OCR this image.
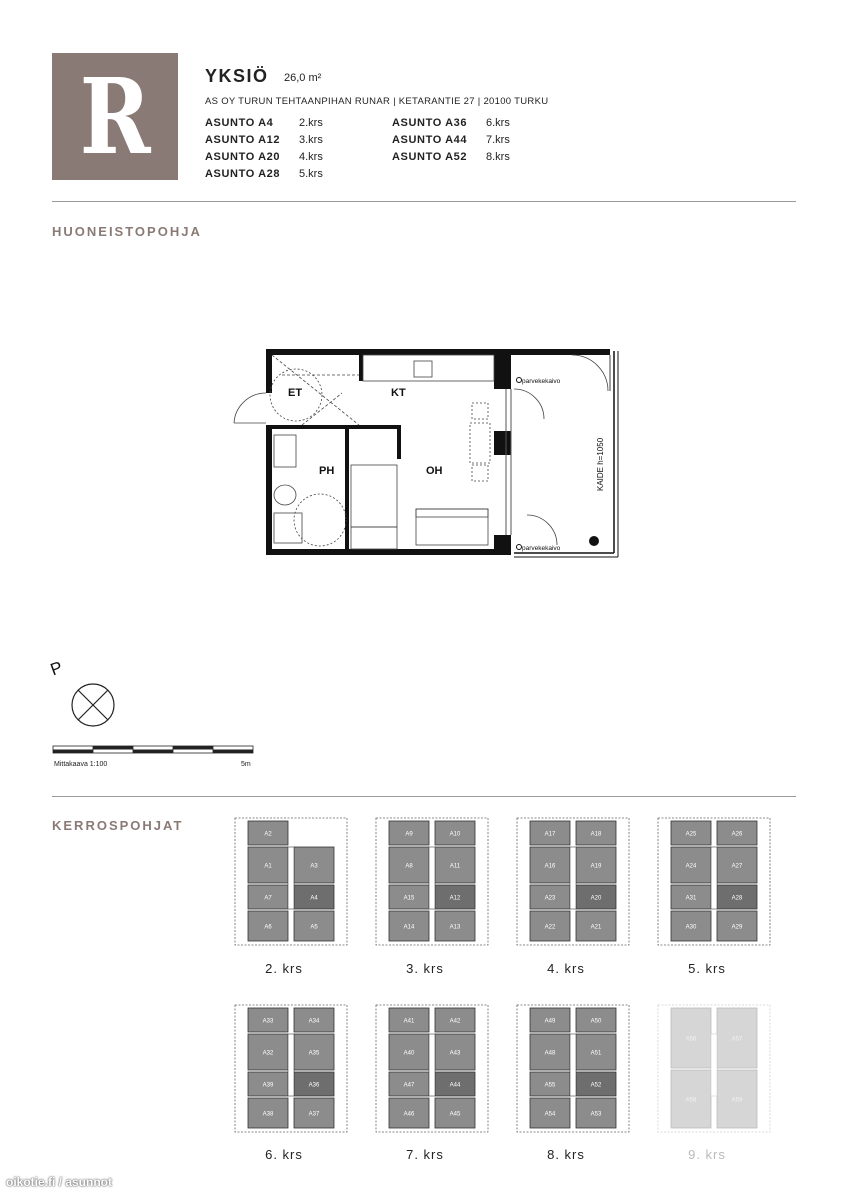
R	YKSIÖ 26,0 m²
AS OY TURUN TEHTAANPIHAN RUNAR | KETARANTIE 27 | 20100 TURKU
ASUNTO A4	2.krs
ASUNTO A12	3.krs
ASUNTO A20	4.krs
ASUNTO A28	5.krs
ASUNTO A36	6.krs
ASUNTO A44	7.krs
ASUNTO A52	8.krs
HUONEISTOPOHJA
parvekekaivo
parvekekaivo
KAIDE h=1050
ET	KT
PH	OH
P
Mittakaava 1:100	5m
KERROSPOHJAT
2. krs	3. krs	4. krs	5. krs
6. krs	7. krs	8. krs	9. krs
oikotie.fi / asunnot
A2
A1	A3
A7	A4
A6	A5
A9	A10
A8	A11
A15	A12
A14	A13
A17	A18
A16	A19
A23	A20
A22	A21
A25	A26
A24	A27
A31	A28
A30	A29
A33	A34
A32	A35
A39	A36
A38	A37
A41	A42
A40	A43
A47	A44
A46	A45
A49	A50
A48	A51
A55	A52
A54	A53
A56	A57
A58	A59
